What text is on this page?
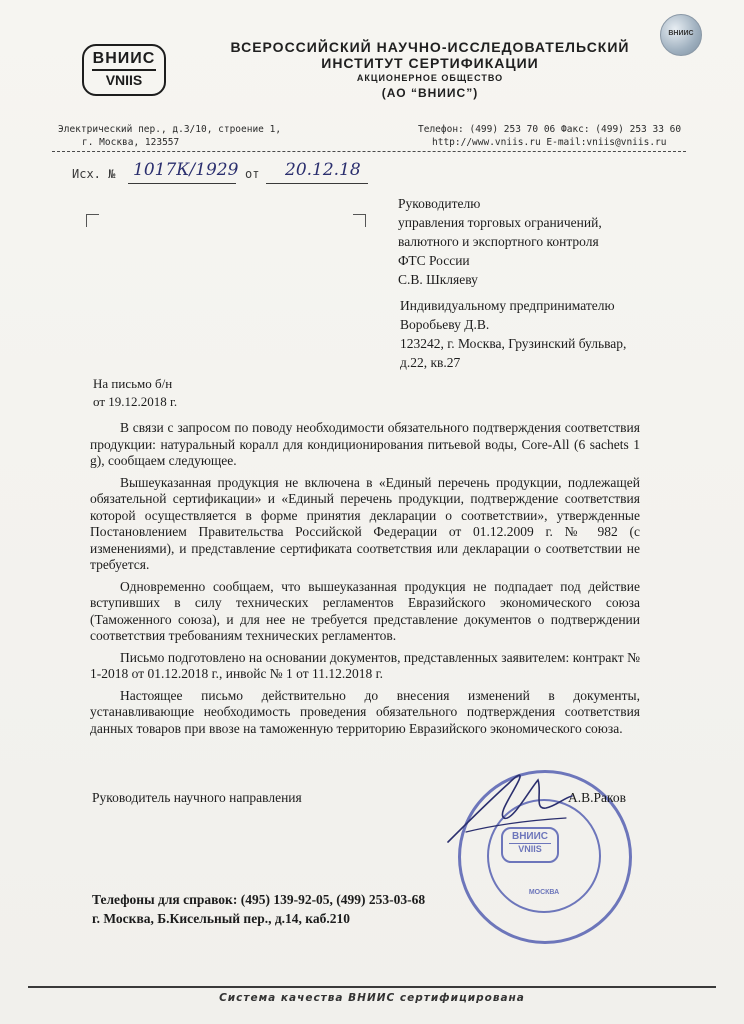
ВНИИС
VNIIS
ВСЕРОССИЙСКИЙ НАУЧНО-ИССЛЕДОВАТЕЛЬСКИЙ
ИНСТИТУТ СЕРТИФИКАЦИИ
АКЦИОНЕРНОЕ ОБЩЕСТВО
(АО “ВНИИС”)
ВНИИС
Электрический пер., д.3/10, строение 1,
г. Москва, 123557
Телефон: (499) 253 70 06 Факс: (499) 253 33 60
http://www.vniis.ru E-mail:vniis@vniis.ru
Исх. № 1017К/1929 от 20.12.18
Руководителю
управления торговых ограничений,
валютного и экспортного контроля
ФТС России
С.В. Шкляеву
Индивидуальному предпринимателю
Воробьеву Д.В.
123242, г. Москва, Грузинский бульвар,
д.22, кв.27
На письмо б/н
от 19.12.2018 г.

В связи с запросом по поводу необходимости обязательного подтверждения соответствия продукции: натуральный коралл для кондиционирования питьевой воды, Core-All (6 sachets 1 g), сообщаем следующее.

Вышеуказанная продукция не включена в «Единый перечень продукции, подлежащей обязательной сертификации» и «Единый перечень продукции, подтверждение соответствия которой осуществляется в форме принятия декларации о соответствии», утвержденные Постановлением Правительства Российской Федерации от 01.12.2009 г. № 982 (с изменениями), и представление сертификата соответствия или декларации о соответствии не требуется.

Одновременно сообщаем, что вышеуказанная продукция не подпадает под действие вступивших в силу технических регламентов Евразийского экономического союза (Таможенного союза), и для нее не требуется представление документов о подтверждении соответствия требованиям технических регламентов.

Письмо подготовлено на основании документов, представленных заявителем: контракт № 1-2018 от 01.12.2018 г., инвойс № 1 от 11.12.2018 г.

Настоящее письмо действительно до внесения изменений в документы, устанавливающие необходимость проведения обязательного подтверждения соответствия данных товаров при ввозе на таможенную территорию Евразийского экономического союза.

МОСКВА
ВНИИС
VNIIS
Руководитель научного направления	А.В.Раков
Телефоны для справок: (495) 139-92-05, (499) 253-03-68
г. Москва, Б.Кисельный пер., д.14, каб.210
Система качества ВНИИС сертифицирована
